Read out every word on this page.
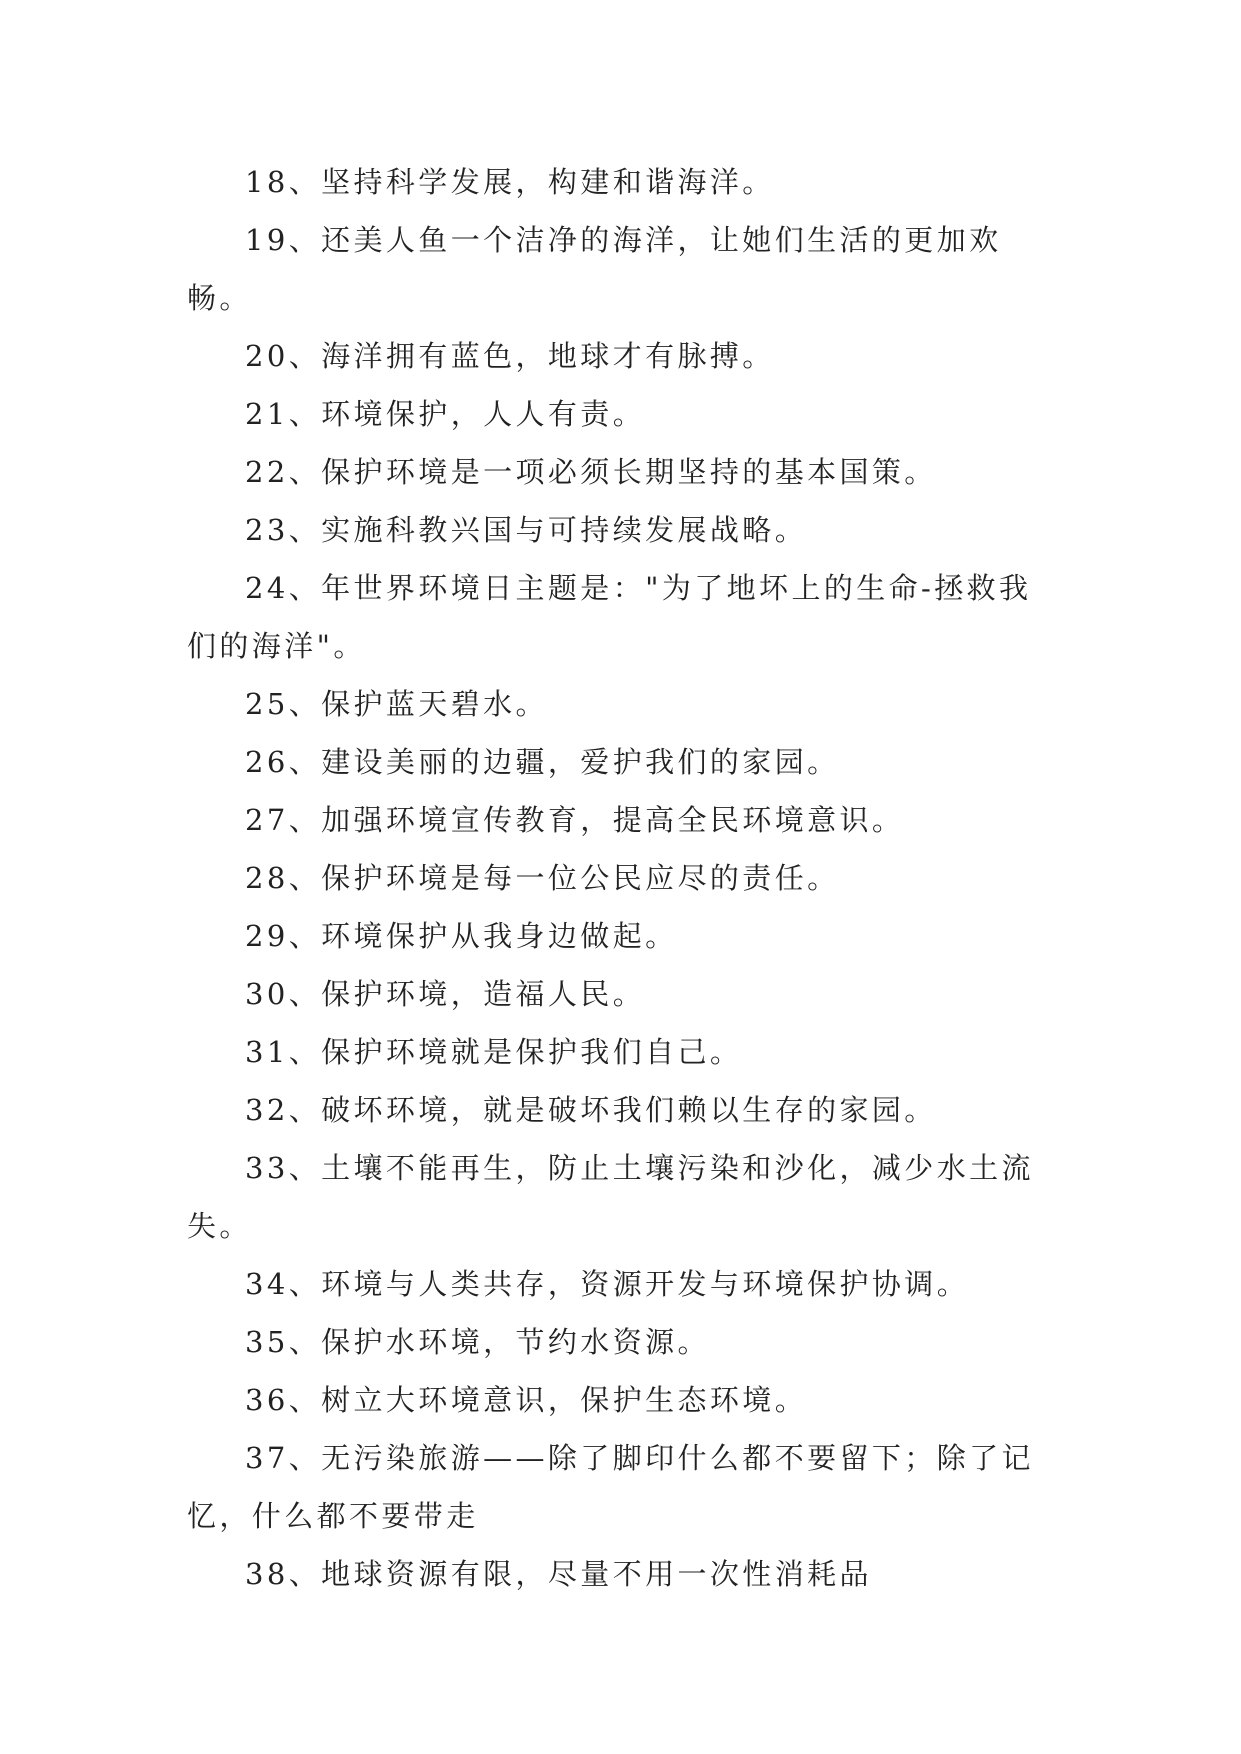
18、坚持科学发展，构建和谐海洋。

19、还美人鱼一个洁净的海洋，让她们生活的更加欢畅。

20、海洋拥有蓝色，地球才有脉搏。

21、环境保护，人人有责。

22、保护环境是一项必须长期坚持的基本国策。

23、实施科教兴国与可持续发展战略。

24、年世界环境日主题是："为了地坏上的生命-拯救我们的海洋"。

25、保护蓝天碧水。

26、建设美丽的边疆，爱护我们的家园。

27、加强环境宣传教育，提高全民环境意识。

28、保护环境是每一位公民应尽的责任。

29、环境保护从我身边做起。

30、保护环境，造福人民。

31、保护环境就是保护我们自己。

32、破坏环境，就是破坏我们赖以生存的家园。

33、土壤不能再生，防止土壤污染和沙化，减少水土流失。

34、环境与人类共存，资源开发与环境保护协调。

35、保护水环境，节约水资源。

36、树立大环境意识，保护生态环境。

37、无污染旅游——除了脚印什么都不要留下；除了记忆，什么都不要带走

38、地球资源有限，尽量不用一次性消耗品
